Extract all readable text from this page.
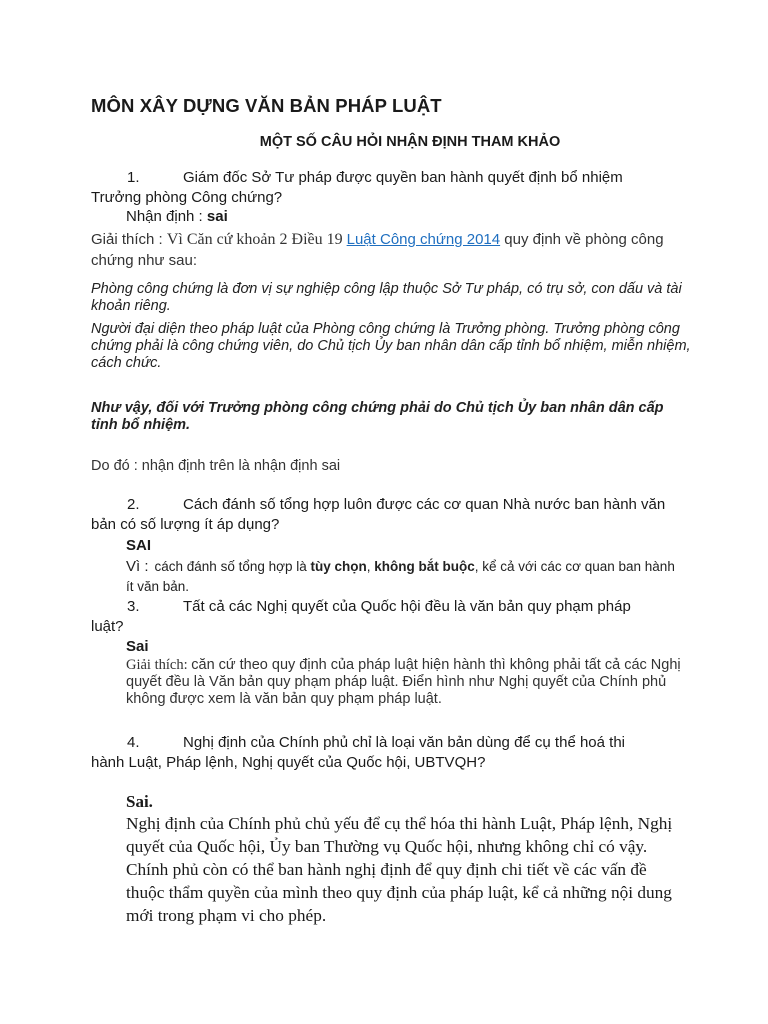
MÔN XÂY DỰNG VĂN BẢN PHÁP LUẬT
MỘT SỐ CÂU HỎI NHẬN ĐỊNH THAM KHẢO
1.	Giám đốc Sở Tư pháp được quyền ban hành quyết định bổ nhiệm
Trưởng phòng Công chứng?
Nhận định : sai
Giải thích : Vì Căn cứ khoản 2 Điều 19 Luật Công chứng 2014 quy định về phòng công chứng như sau:

Phòng công chứng là đơn vị sự nghiệp công lập thuộc Sở Tư pháp, có trụ sở, con dấu và tài khoản riêng.

Người đại diện theo pháp luật của Phòng công chứng là Trưởng phòng. Trưởng phòng công chứng phải là công chứng viên, do Chủ tịch Ủy ban nhân dân cấp tỉnh bổ nhiệm, miễn nhiệm, cách chức.

Như vậy, đối với Trưởng phòng công chứng phải do Chủ tịch Ủy ban nhân dân cấp tỉnh bổ nhiệm.

Do đó : nhận định trên là nhận định sai

2.	Cách đánh số tổng hợp luôn được các cơ quan Nhà nước ban hành văn
bản có số lượng ít áp dụng?
SAI
Vì : cách đánh số tổng hợp là tùy chọn, không bắt buộc, kể cả với các cơ quan ban hành ít văn bản.
3.	Tất cả các Nghị quyết của Quốc hội đều là văn bản quy phạm pháp
luật?
Sai
Giải thích: căn cứ theo quy định của pháp luật hiện hành thì không phải tất cả các Nghị quyết đều là Văn bản quy phạm pháp luật. Điển hình như Nghị quyết của Chính phủ không được xem là văn bản quy phạm pháp luật.
4.	Nghị định của Chính phủ chỉ là loại văn bản dùng để cụ thể hoá thi
hành Luật, Pháp lệnh, Nghị quyết của Quốc hội, UBTVQH?
Sai.

Nghị định của Chính phủ chủ yếu để cụ thể hóa thi hành Luật, Pháp lệnh, Nghị quyết của Quốc hội, Ủy ban Thường vụ Quốc hội, nhưng không chỉ có vậy. Chính phủ còn có thể ban hành nghị định để quy định chi tiết về các vấn đề thuộc thẩm quyền của mình theo quy định của pháp luật, kể cả những nội dung mới trong phạm vi cho phép.
